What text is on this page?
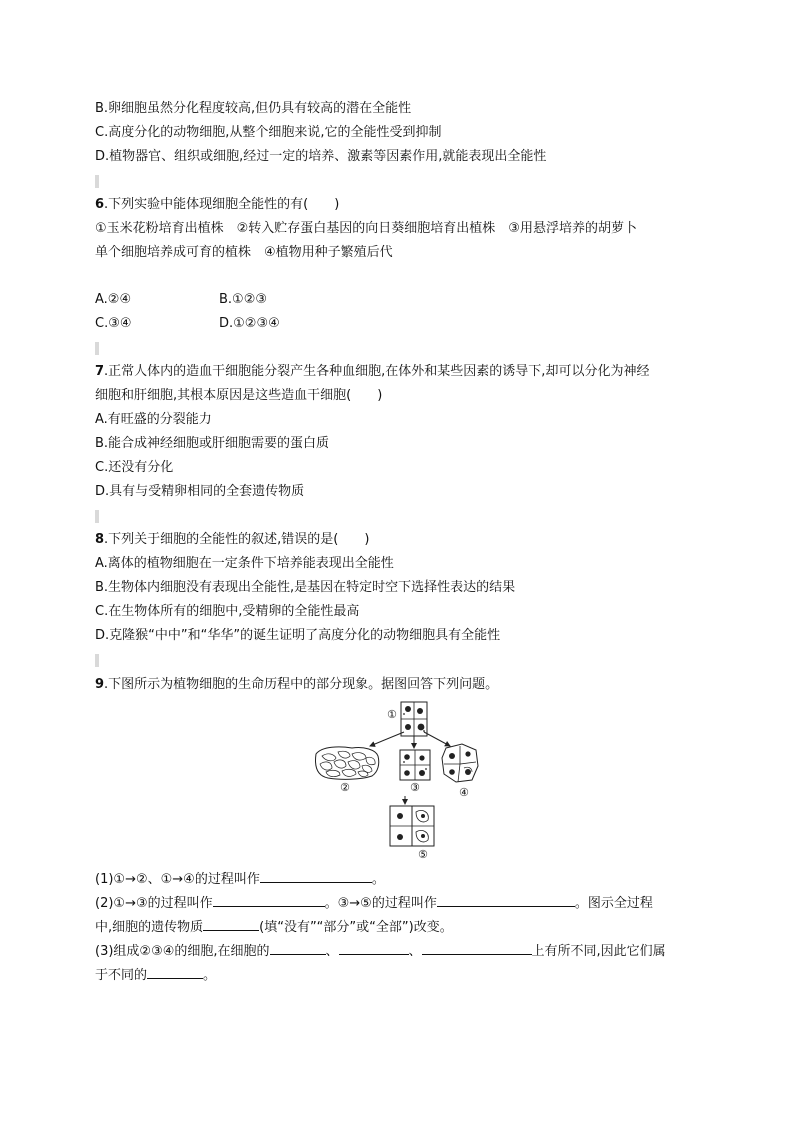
B.卵细胞虽然分化程度较高,但仍具有较高的潜在全能性
C.高度分化的动物细胞,从整个细胞来说,它的全能性受到抑制
D.植物器官、组织或细胞,经过一定的培养、激素等因素作用,就能表现出全能性
6.下列实验中能体现细胞全能性的有(　　)
①玉米花粉培育出植株　②转入贮存蛋白基因的向日葵细胞培育出植株　③用悬浮培养的胡萝卜
单个细胞培养成可育的植株　④植物用种子繁殖后代
A.②④	B.①②③
C.③④	D.①②③④
7.正常人体内的造血干细胞能分裂产生各种血细胞,在体外和某些因素的诱导下,却可以分化为神经
细胞和肝细胞,其根本原因是这些造血干细胞(　　)
A.有旺盛的分裂能力
B.能合成神经细胞或肝细胞需要的蛋白质
C.还没有分化
D.具有与受精卵相同的全套遗传物质
8.下列关于细胞的全能性的叙述,错误的是(　　)
A.离体的植物细胞在一定条件下培养能表现出全能性
B.生物体内细胞没有表现出全能性,是基因在特定时空下选择性表达的结果
C.在生物体所有的细胞中,受精卵的全能性最高
D.克隆猴“中中”和“华华”的诞生证明了高度分化的动物细胞具有全能性
9.下图所示为植物细胞的生命历程中的部分现象。据图回答下列问题。
①
②	③	④
⑤
(1)①→②、①→④的过程叫作	。
(2)①→③的过程叫作	。③→⑤的过程叫作	。图示全过程
中,细胞的遗传物质	(填“没有”“部分”或“全部”)改变。
(3)组成②③④的细胞,在细胞的	、	、	上有所不同,因此它们属
于不同的	。
